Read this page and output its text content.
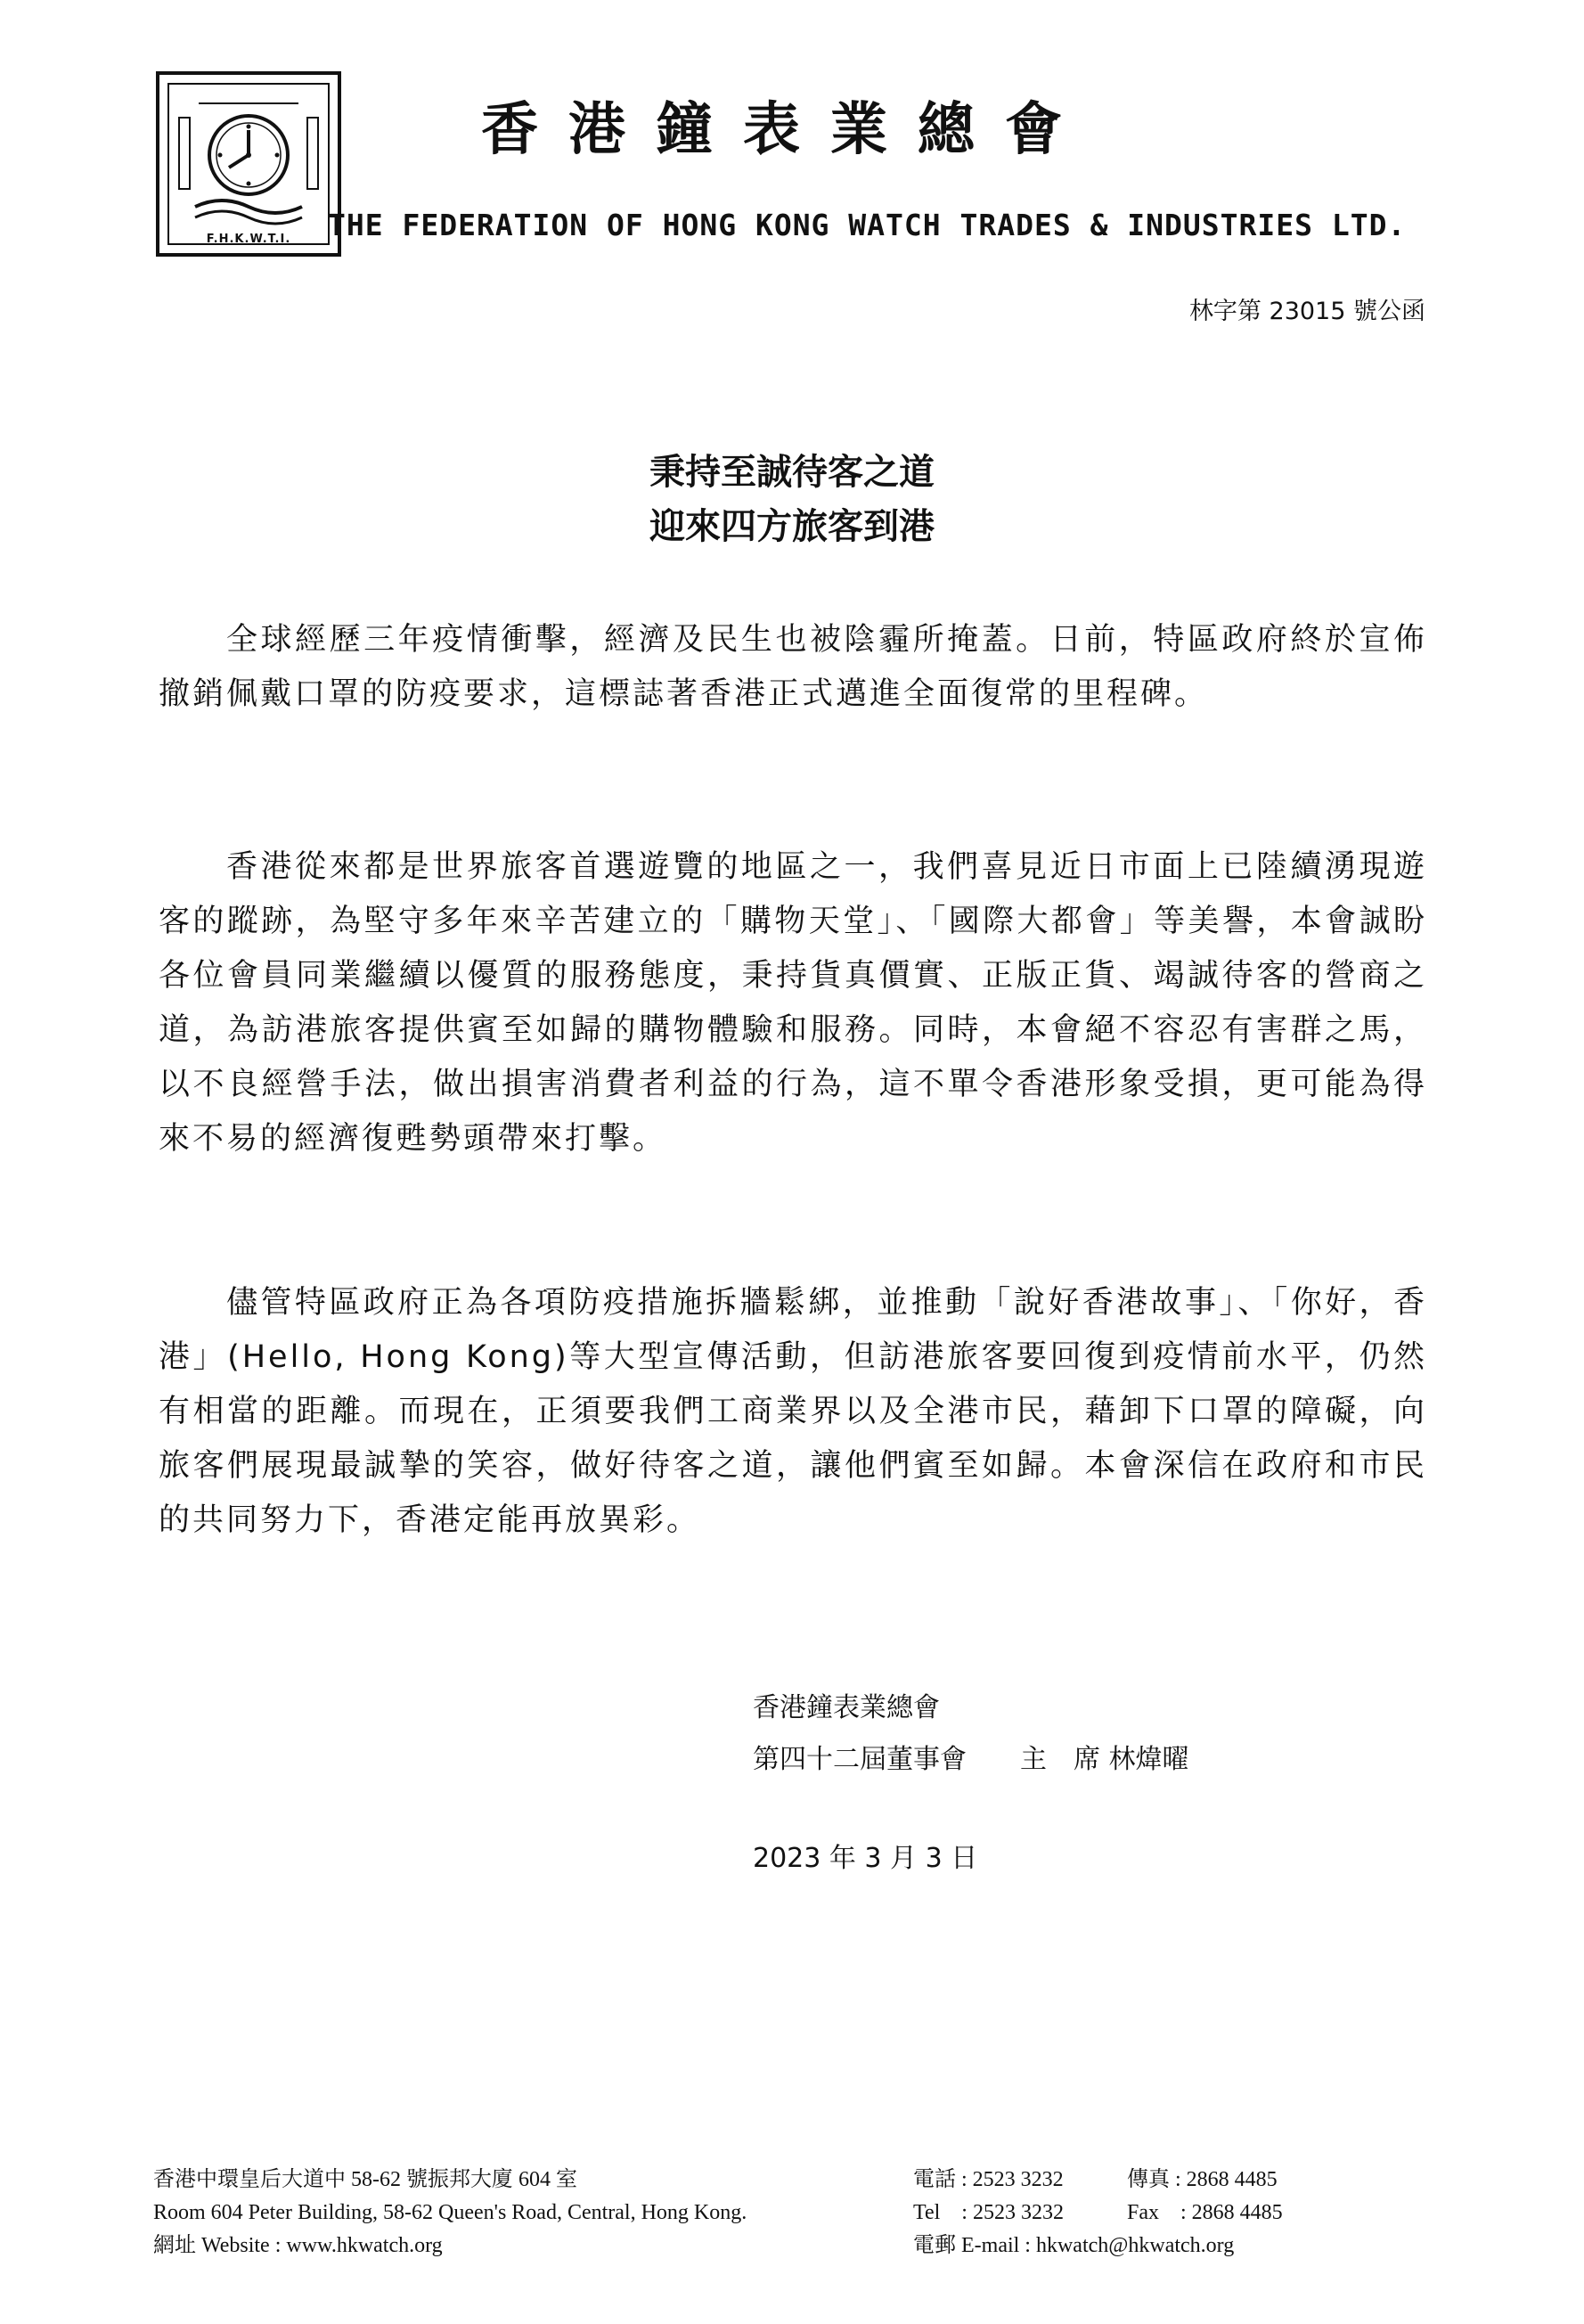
F.H.K.W.T.I.
香港鐘表業總會
THE FEDERATION OF HONG KONG WATCH TRADES & INDUSTRIES LTD.
林字第 23015 號公函
秉持至誠待客之道
迎來四方旅客到港

全球經歷三年疫情衝擊，經濟及民生也被陰霾所掩蓋。日前，特區政府終於宣佈撤銷佩戴口罩的防疫要求，這標誌著香港正式邁進全面復常的里程碑。

香港從來都是世界旅客首選遊覽的地區之一，我們喜見近日市面上已陸續湧現遊客的蹤跡，為堅守多年來辛苦建立的「購物天堂」、「國際大都會」等美譽，本會誠盼各位會員同業繼續以優質的服務態度，秉持貨真價實、正版正貨、竭誠待客的營商之道，為訪港旅客提供賓至如歸的購物體驗和服務。同時，本會絕不容忍有害群之馬，以不良經營手法，做出損害消費者利益的行為，這不單令香港形象受損，更可能為得來不易的經濟復甦勢頭帶來打擊。

儘管特區政府正為各項防疫措施拆牆鬆綁，並推動「說好香港故事」、「你好，香港」(Hello, Hong Kong)等大型宣傳活動，但訪港旅客要回復到疫情前水平，仍然有相當的距離。而現在，正須要我們工商業界以及全港市民，藉卸下口罩的障礙，向旅客們展現最誠摯的笑容，做好待客之道，讓他們賓至如歸。本會深信在政府和市民的共同努力下，香港定能再放異彩。

香港鐘表業總會
第四十二屆董事會　　主　席 林煒曜
2023 年 3 月 3 日
香港中環皇后大道中 58-62 號振邦大廈 604 室
Room 604 Peter Building, 58-62 Queen's Road, Central, Hong Kong.
網址 Website : www.hkwatch.org
電話 : 2523 3232	傳真 : 2868 4485
Tel　: 2523 3232	Fax　: 2868 4485
電郵 E-mail : hkwatch@hkwatch.org
